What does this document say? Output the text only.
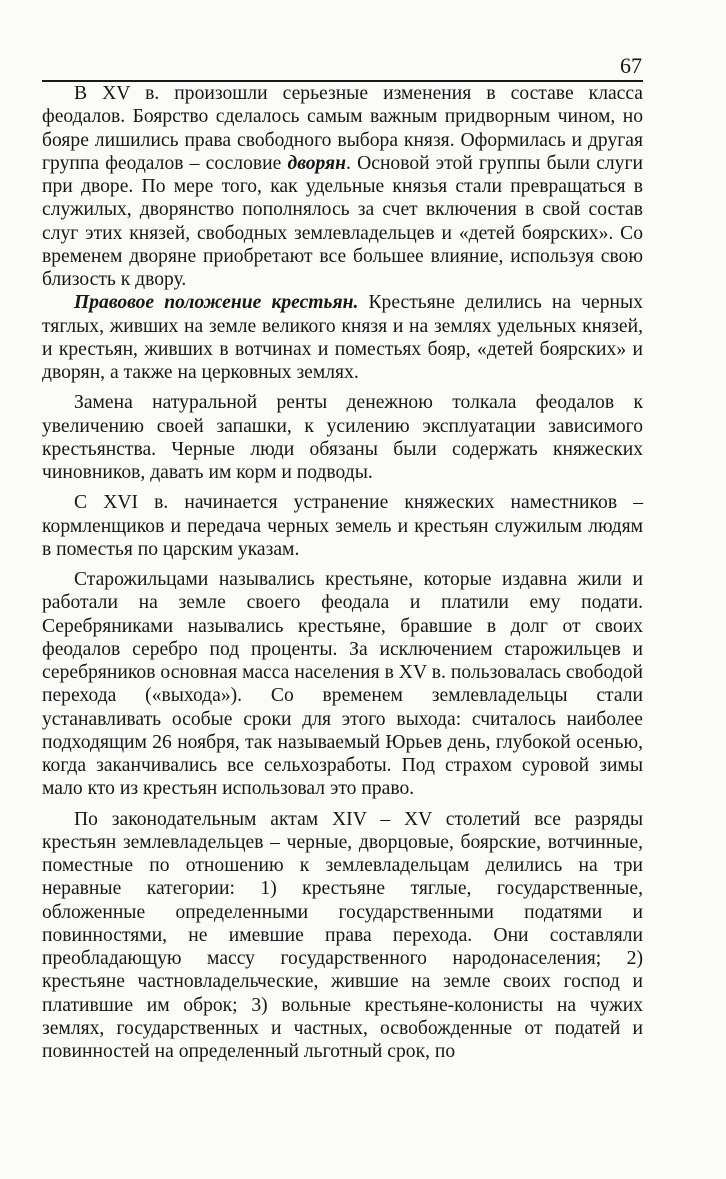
67

В XV в. произошли серьезные изменения в составе класса феодалов. Боярство сделалось самым важным придворным чином, но бояре лишились права свободного выбора князя. Оформилась и другая группа феодалов – сословие дворян. Основой этой группы были слуги при дворе. По мере того, как удельные князья стали превращаться в служилых, дворянство пополнялось за счет включения в свой состав слуг этих князей, свободных землевладельцев и «детей боярских». Со временем дворяне приобретают все большее влияние, используя свою близость к двору.

Правовое положение крестьян. Крестьяне делились на черных тяглых, живших на земле великого князя и на землях удельных князей, и крестьян, живших в вотчинах и поместьях бояр, «детей боярских» и дворян, а также на церковных землях.

Замена натуральной ренты денежною толкала феодалов к увеличению своей запашки, к усилению эксплуатации зависимого крестьянства. Черные люди обязаны были содержать княжеских чиновников, давать им корм и подводы.

С XVI в. начинается устранение княжеских наместников – кормленщиков и передача черных земель и крестьян служилым людям в поместья по царским указам.

Старожильцами назывались крестьяне, которые издавна жили и работали на земле своего феодала и платили ему подати. Серебряниками назывались крестьяне, бравшие в долг от своих феодалов серебро под проценты. За исключением старожильцев и серебряников основная масса населения в XV в. пользовалась свободой перехода («выхода»). Со временем землевладельцы стали устанавливать особые сроки для этого выхода: считалось наиболее подходящим 26 ноября, так называемый Юрьев день, глубокой осенью, когда заканчивались все сельхозработы. Под страхом суровой зимы мало кто из крестьян использовал это право.

По законодательным актам XIV – XV столетий все разряды крестьян землевладельцев – черные, дворцовые, боярские, вотчинные, поместные по отношению к землевладельцам делились на три неравные категории: 1) крестьяне тяглые, государственные, обложенные определенными государственными податями и повинностями, не имевшие права перехода. Они составляли преобладающую массу государственного народонаселения; 2) крестьяне частновладельческие, жившие на земле своих господ и платившие им оброк; 3) вольные крестьяне-колонисты на чужих землях, государственных и частных, освобожденные от податей и повинностей на определенный льготный срок, по
